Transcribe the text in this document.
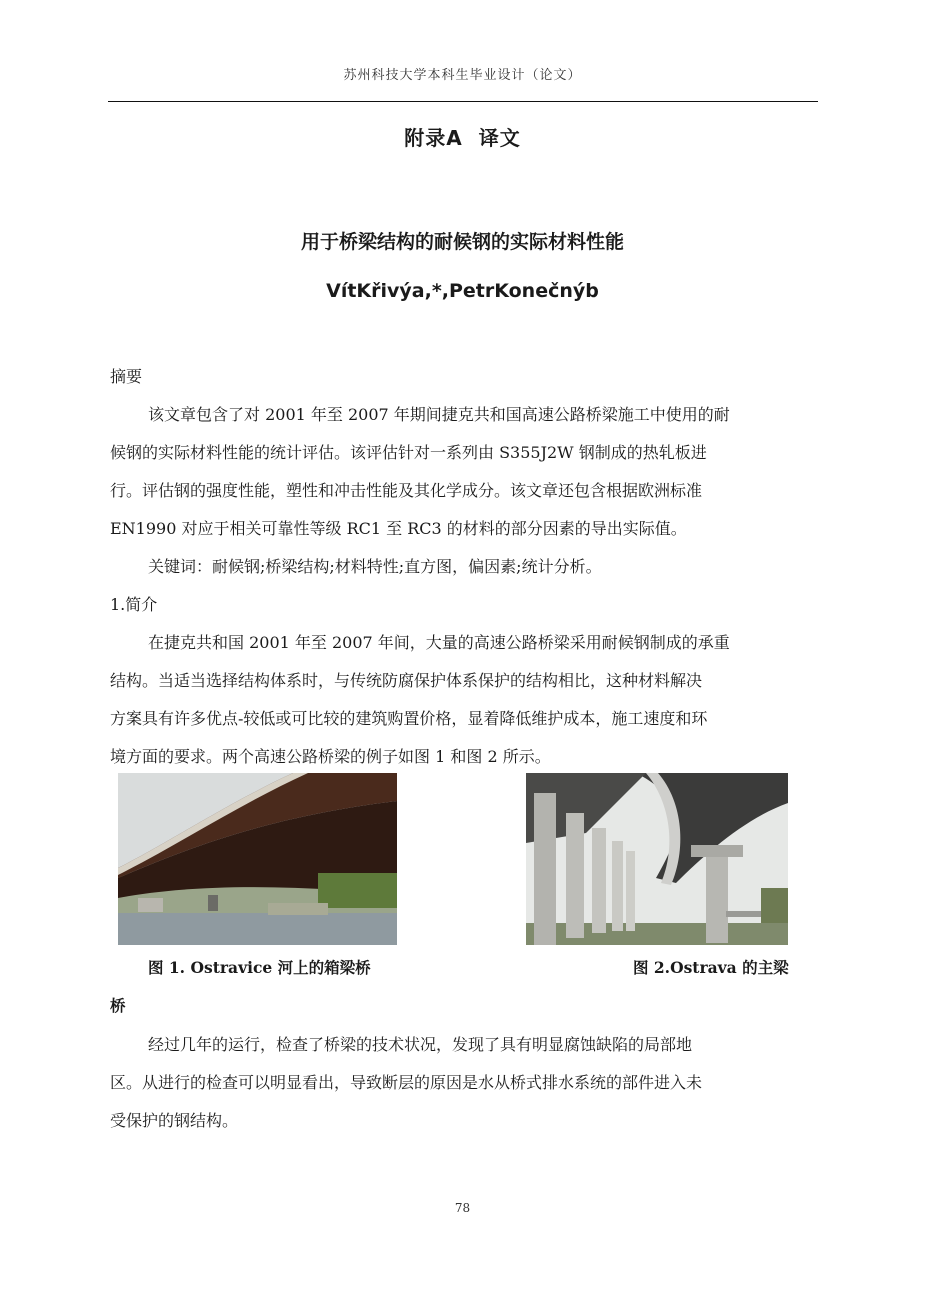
苏州科技大学本科生毕业设计（论文）
附录A  译文
用于桥梁结构的耐候钢的实际材料性能
VítKřivýa,*,PetrKonečnýb
摘要
该文章包含了对 2001 年至 2007 年期间捷克共和国高速公路桥梁施工中使用的耐
候钢的实际材料性能的统计评估。该评估针对一系列由 S355J2W 钢制成的热轧板进
行。评估钢的强度性能，塑性和冲击性能及其化学成分。该文章还包含根据欧洲标准
EN1990 对应于相关可靠性等级 RC1 至 RC3 的材料的部分因素的导出实际值。
关键词：耐候钢;桥梁结构;材料特性;直方图，偏因素;统计分析。
1.简介
在捷克共和国 2001 年至 2007 年间，大量的高速公路桥梁采用耐候钢制成的承重
结构。当适当选择结构体系时，与传统防腐保护体系保护的结构相比，这种材料解决
方案具有许多优点-较低或可比较的建筑购置价格，显着降低维护成本，施工速度和环
境方面的要求。两个高速公路桥梁的例子如图 1 和图 2 所示。
图 1. Ostravice 河上的箱梁桥	图 2.Ostrava 的主梁
桥
经过几年的运行，检查了桥梁的技术状况，发现了具有明显腐蚀缺陷的局部地
区。从进行的检查可以明显看出，导致断层的原因是水从桥式排水系统的部件进入未
受保护的钢结构。
78
